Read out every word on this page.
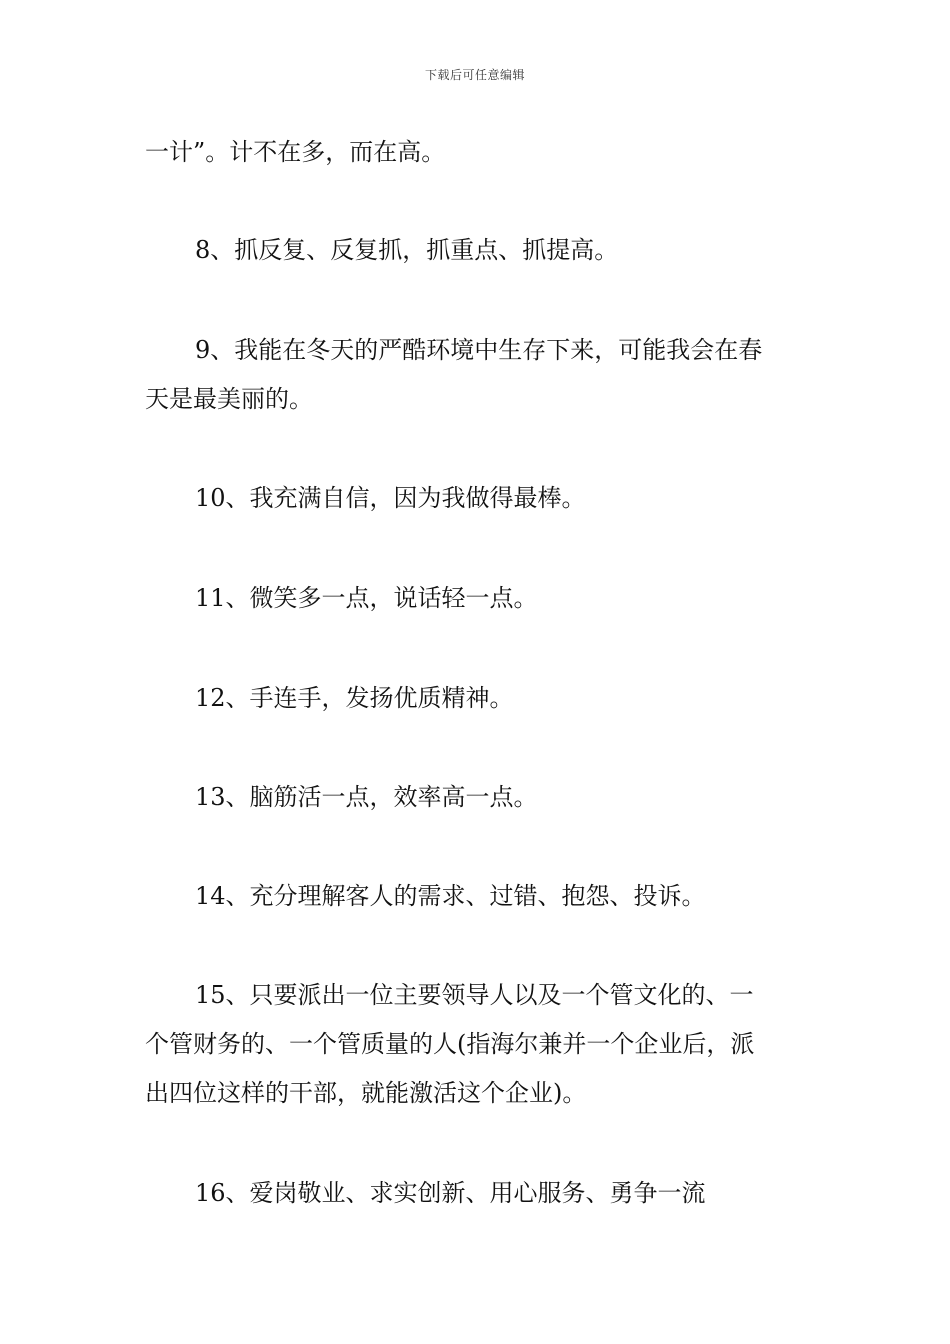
下载后可任意编辑
一计”。计不在多，而在高。
8、抓反复、反复抓，抓重点、抓提高。
9、我能在冬天的严酷环境中生存下来，可能我会在春
天是最美丽的。
10、我充满自信，因为我做得最棒。
11、微笑多一点，说话轻一点。
12、手连手，发扬优质精神。
13、脑筋活一点，效率高一点。
14、充分理解客人的需求、过错、抱怨、投诉。
15、只要派出一位主要领导人以及一个管文化的、一
个管财务的、一个管质量的人(指海尔兼并一个企业后，派
出四位这样的干部，就能激活这个企业)。
16、爱岗敬业、求实创新、用心服务、勇争一流
